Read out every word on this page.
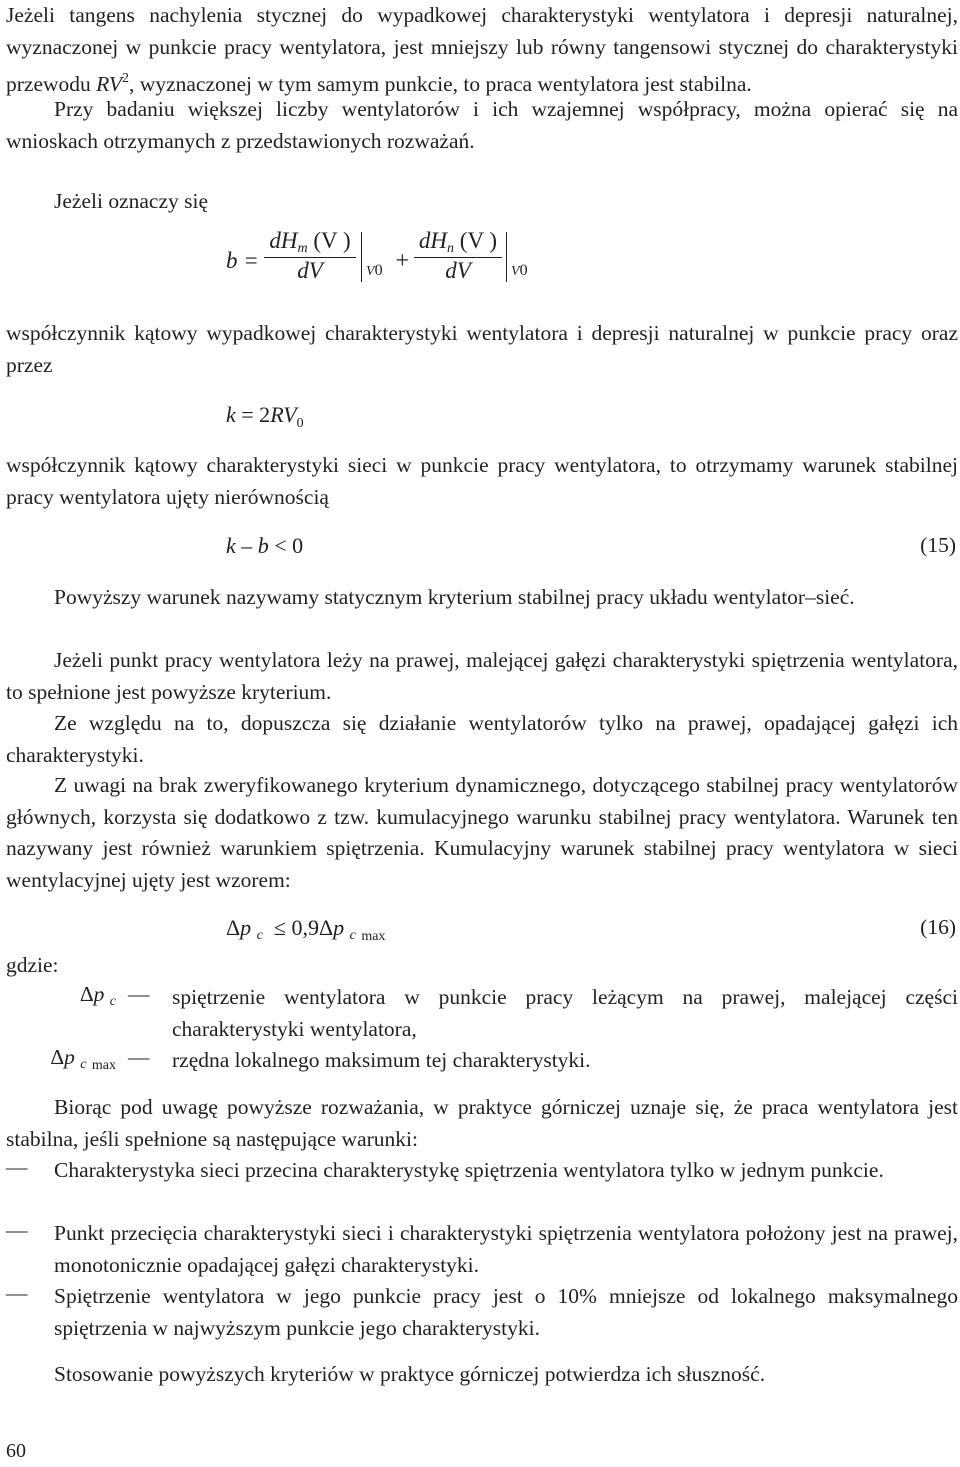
Jeżeli tangens nachylenia stycznej do wypadkowej charakterystyki wentylatora i depresji naturalnej, wyznaczonej w punkcie pracy wentylatora, jest mniejszy lub równy tangensowi stycznej do charakterystyki przewodu $RV^2$, wyznaczonej w tym samym punkcie, to praca wentylatora jest stabilna.

Przy badaniu większej liczby wentylatorów i ich wzajemnej współpracy, można opierać się na wnioskach otrzymanych z przedstawionych rozważań.

Jeżeli oznaczy się

b =
dHm (V )
dV	V0 +
dHn (V )
dV	V0

współczynnik kątowy wypadkowej charakterystyki wentylatora i depresji naturalnej w punkcie pracy oraz przez

$k = 2RV_0$

współczynnik kątowy charakterystyki sieci w punkcie pracy wentylatora, to otrzymamy warunek stabilnej pracy wentylatora ujęty nierównością

k – b < 0	(15)

Powyższy warunek nazywamy statycznym kryterium stabilnej pracy układu wentylator–sieć.

Jeżeli punkt pracy wentylatora leży na prawej, malejącej gałęzi charakterystyki spiętrzenia wentylatora, to spełnione jest powyższe kryterium.

Ze względu na to, dopuszcza się działanie wentylatorów tylko na prawej, opadającej gałęzi ich charakterystyki.

Z uwagi na brak zweryfikowanego kryterium dynamicznego, dotyczącego stabilnej pracy wentylatorów głównych, korzysta się dodatkowo z tzw. kumulacyjnego warunku stabilnej pracy wentylatora. Warunek ten nazywany jest również warunkiem spiętrzenia. Kumulacyjny warunek stabilnej pracy wentylatora w sieci wentylacyjnej ujęty jest wzorem:

Δp c ≤ 0,9Δp c $_{max}$	(16)

gdzie:

Δp c — spiętrzenie wentylatora w punkcie pracy leżącym na prawej, malejącej części charakterystyki wentylatora,
Δp c $_{max}$ — rzędna lokalnego maksimum tej charakterystyki.

Biorąc pod uwagę powyższe rozważania, w praktyce górniczej uznaje się, że praca wentylatora jest stabilna, jeśli spełnione są następujące warunki:

— Charakterystyka sieci przecina charakterystykę spiętrzenia wentylatora tylko w jednym punkcie.
— Punkt przecięcia charakterystyki sieci i charakterystyki spiętrzenia wentylatora położony jest na prawej, monotonicznie opadającej gałęzi charakterystyki.
— Spiętrzenie wentylatora w jego punkcie pracy jest o 10% mniejsze od lokalnego maksymalnego spiętrzenia w najwyższym punkcie jego charakterystyki.

Stosowanie powyższych kryteriów w praktyce górniczej potwierdza ich słuszność.

60
